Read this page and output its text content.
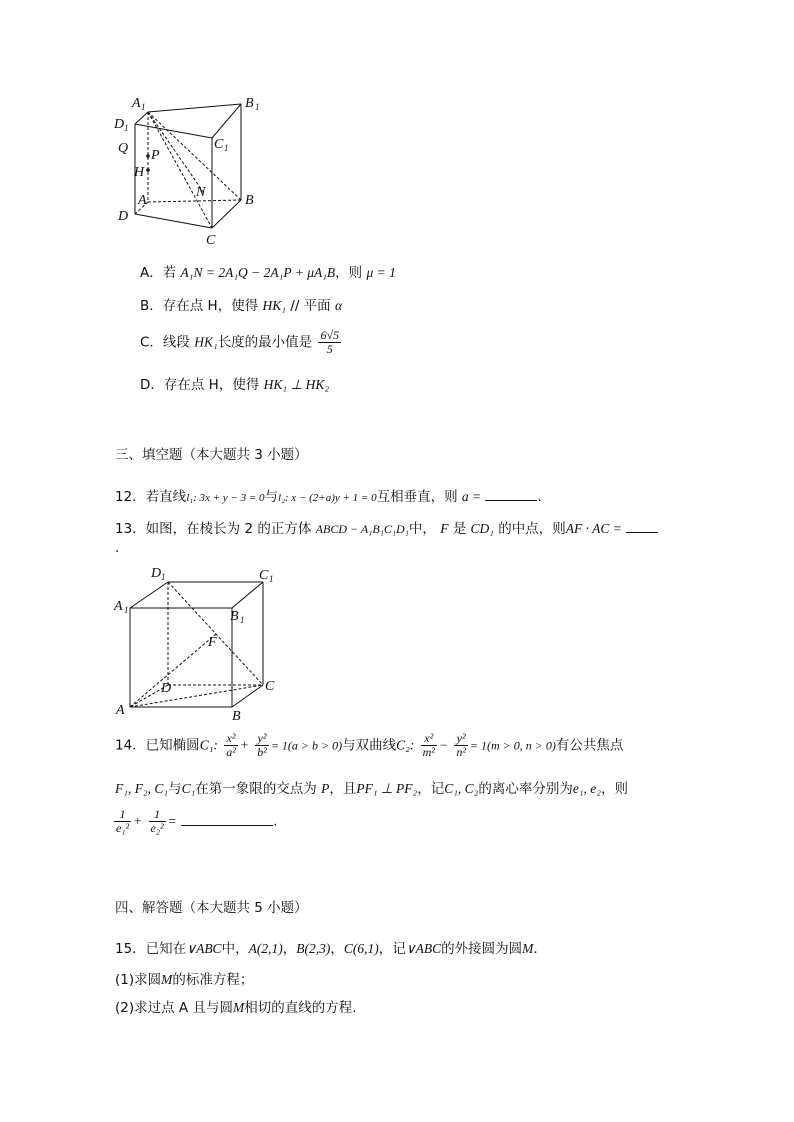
A 1
D 1
B 1
Q P
C 1
H
N
A	B
D
C
A．若 A₁N = 2A₁Q − 2A₁P + μA₁B，则 μ = 1
B．存在点 H，使得 HK₁ // 平面 α
C．线段 HK₁长度的最小值是 $\frac{6√5}{5}$
D．存在点 H，使得 HK₁ ⊥ HK₂
三、填空题（本大题共 3 小题）
12．若直线l₁: 3x + y − 3 = 0与l₂: x − (2+a)y + 1 = 0互相垂直，则 a =	.
13．如图，在棱长为 2 的正方体 ABCD − A₁B₁C₁D₁中， F 是 CD₁ 的中点，则AF · AC =
.
D 1	C 1
A 1	B 1
F
D	C
A	B
14．已知椭圆C₁: $\frac{\text{x²}}{\text{a²}} + \frac{\text{y²}}{\text{b²}} = 1(a > b > 0)$与双曲线C₂: $\frac{\text{x²}}{\text{m²}} - \frac{\text{y²}}{\text{n²}} = 1(m > 0$, n > 0)有公共焦点
F₁, F₂, C₁与C₁在第一象限的交点为 P，且PF₁ ⊥ PF₂，记C₁, C₂的离心率分别为e₁, e₂，则
$\frac{1}{\text{e₁²}} + \frac{1}{\text{e₂²}}$ =	.
四、解答题（本大题共 5 小题）
15．已知在∨ABC中，A(2,1)，B(2,3)，C(6,1)，记∨ABC的外接圆为圆M.
(1)求圆M的标准方程；
(2)求过点 A 且与圆M相切的直线的方程.
